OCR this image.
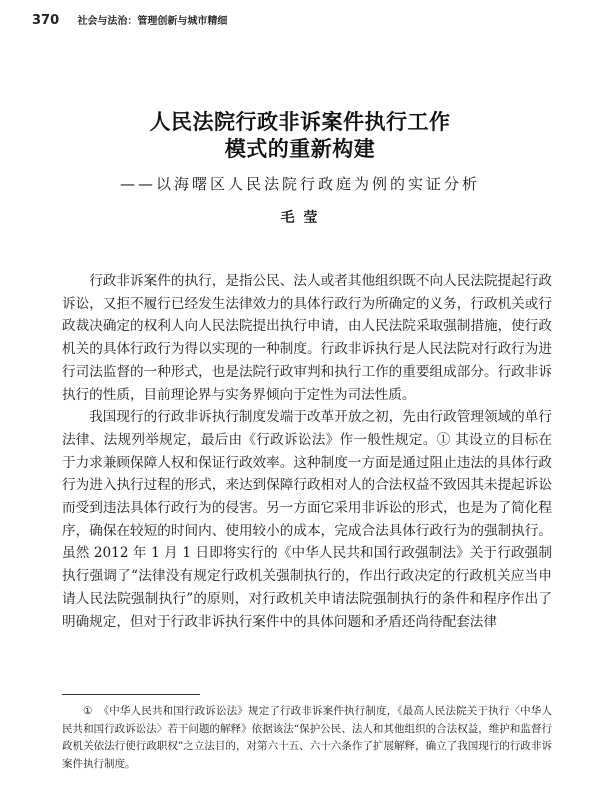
370 社会与法治：管理创新与城市精细
人民法院行政非诉案件执行工作
模式的重新构建
——以海曙区人民法院行政庭为例的实证分析
毛 莹

行政非诉案件的执行，是指公民、法人或者其他组织既不向人民法院提起行政诉讼，又拒不履行已经发生法律效力的具体行政行为所确定的义务，行政机关或行政裁决确定的权利人向人民法院提出执行申请，由人民法院采取强制措施，使行政机关的具体行政行为得以实现的一种制度。行政非诉执行是人民法院对行政行为进行司法监督的一种形式，也是法院行政审判和执行工作的重要组成部分。行政非诉执行的性质，目前理论界与实务界倾向于定性为司法性质。

我国现行的行政非诉执行制度发端于改革开放之初，先由行政管理领域的单行法律、法规列举规定，最后由《行政诉讼法》作一般性规定。① 其设立的目标在于力求兼顾保障人权和保证行政效率。这种制度一方面是通过阻止违法的具体行政行为进入执行过程的形式，来达到保障行政相对人的合法权益不致因其未提起诉讼而受到违法具体行政行为的侵害。另一方面它采用非诉讼的形式，也是为了简化程序，确保在较短的时间内、使用较小的成本，完成合法具体行政行为的强制执行。虽然 2012 年 1 月 1 日即将实行的《中华人民共和国行政强制法》关于行政强制执行强调了“法律没有规定行政机关强制执行的，作出行政决定的行政机关应当申请人民法院强制执行”的原则，对行政机关申请法院强制执行的条件和程序作出了明确规定，但对于行政非诉执行案件中的具体问题和矛盾还尚待配套法律

① 《中华人民共和国行政诉讼法》规定了行政非诉案件执行制度，《最高人民法院关于执行〈中华人民共和国行政诉讼法〉若干问题的解释》依据该法“保护公民、法人和其他组织的合法权益，维护和监督行政机关依法行使行政职权”之立法目的，对第六十五、六十六条作了扩展解释，确立了我国现行的行政非诉案件执行制度。
